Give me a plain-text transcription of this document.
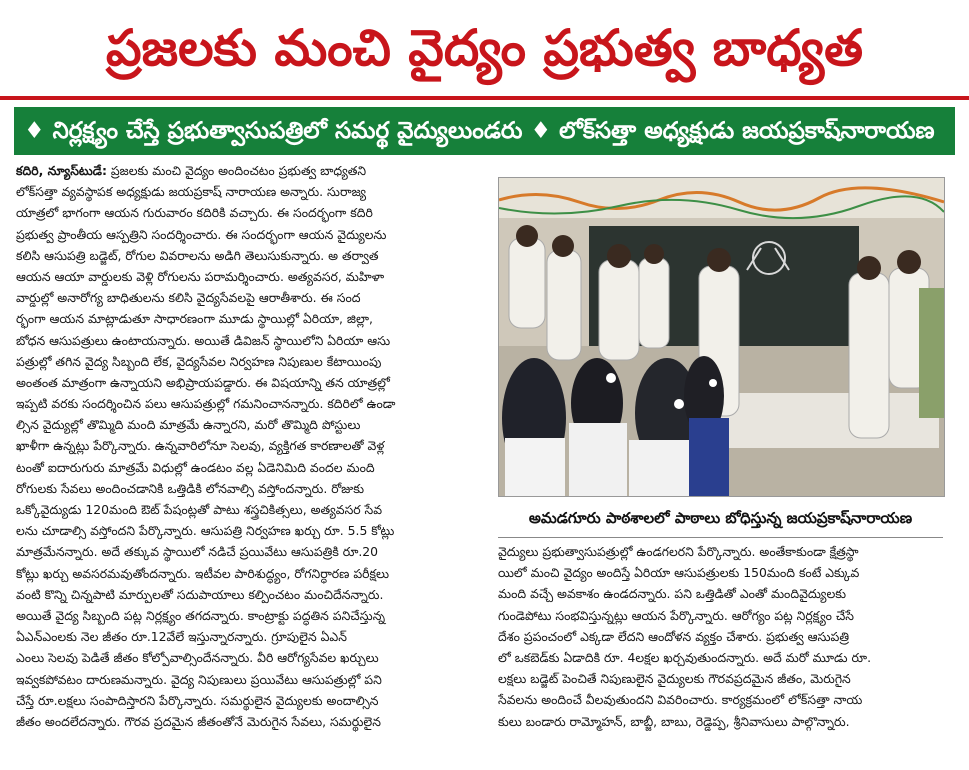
ప్రజలకు మంచి వైద్యం ప్రభుత్వ బాధ్యత
♦ నిర్లక్ష్యం చేస్తే ప్రభుత్వాసుపత్రిలో సమర్థ వైద్యులుండరు ♦ లోక్‌సత్తా అధ్యక్షుడు జయప్రకాష్‌నారాయణ
కదిరి, న్యూస్‌టుడే: ప్రజలకు మంచి వైద్యం అందించటం ప్రభుత్వ బాధ్యతని
లోక్‌సత్తా వ్యవస్థాపక అధ్యక్షుడు జయప్రకాష్ నారాయణ అన్నారు. సురాజ్య
యాత్రలో భాగంగా ఆయన గురువారం కదిరికి వచ్చారు. ఈ సందర్భంగా కదిరి
ప్రభుత్వ ప్రాంతీయ ఆస్పత్రిని సందర్శించారు. ఈ సందర్భంగా ఆయన వైద్యులను
కలిసి ఆసుపత్రి బడ్జెట్, రోగుల వివరాలను అడిగి తెలుసుకున్నారు. అ తర్వాత
ఆయన ఆయా వార్డులకు వెళ్లి రోగులను పరామర్శించారు. అత్యవసర, మహిళా
వార్డుల్లో అనారోగ్య బాధితులను కలిసి వైద్యసేవలపై ఆరాతీశారు. ఈ సంద
ర్భంగా ఆయన మాట్లాడుతూ సాధారణంగా మూడు స్థాయిల్లో ఏరియా, జిల్లా,
బోధన ఆసుపత్రులు ఉంటాయన్నారు. అయితే డివిజన్ స్థాయిలోని ఏరియా ఆసు
పత్రుల్లో తగిన వైద్య సిబ్బంది లేక, వైద్యసేవల నిర్వహణ నిపుణుల కేటాయింపు
అంతంత మాత్రంగా ఉన్నాయని అభిప్రాయపడ్డారు. ఈ విషయాన్ని తన యాత్రల్లో
ఇప్పటి వరకు సందర్శించిన పలు ఆసుపత్రుల్లో గమనించానన్నారు. కదిరిలో ఉండా
ల్సిన వైద్యుల్లో తొమ్మిది మంది మాత్రమే ఉన్నారని, మరో తొమ్మిది పోస్టులు
ఖాళీగా ఉన్నట్లు పేర్కొన్నారు. ఉన్నవారిలోనూ సెలవు, వ్యక్తిగత కారణాలతో వెళ్ల
టంతో ఐదారుగురు మాత్రమే విధుల్లో ఉండటం వల్ల ఏడెనిమిది వందల మంది
రోగులకు సేవలు అందించడానికి ఒత్తిడికి లోనవాల్సి వస్తోందన్నారు. రోజుకు
ఒక్కోవైద్యుడు 120మంది ఔట్ పేషంట్లతో పాటు శస్త్రచికిత్సలు, అత్యవసర సేవ
లను చూడాల్సి వస్తోందని పేర్కొన్నారు. ఆసుపత్రి నిర్వహణ ఖర్చు రూ. 5.5 కోట్లు
మాత్రమేనన్నారు. అదే తక్కువ స్థాయిలో నడిచే ప్రయివేటు ఆసుపత్రికి రూ.20
కోట్లు ఖర్చు అవసరమవుతోందన్నారు. ఇటీవల పారిశుద్ధ్యం, రోగనిర్ధారణ పరీక్షలు
వంటి కొన్ని చిన్నపాటి మార్పులతో సదుపాయాలు కల్పించటం మంచిదేనన్నారు.
అయితే వైద్య సిబ్బంది పట్ల నిర్లక్ష్యం తగదన్నారు. కాంట్రాక్టు పద్ధతిన పనిచేస్తున్న
ఏఎన్ఎంలకు నెల జీతం రూ.12వేలే ఇస్తున్నారన్నారు. గ్రూపులైన ఏఎన్
ఎంలు సెలవు పెడితే జీతం కోల్పోవాల్సిందేనన్నారు. వీరి ఆరోగ్యసేవల ఖర్చులు
ఇవ్వకపోవటం దారుణమన్నారు. వైద్య నిపుణులు ప్రయివేటు ఆసుపత్రుల్లో పని
చేస్తే రూ.లక్షలు సంపాదిస్తారని పేర్కొన్నారు. సమర్థులైన వైద్యులకు అందాల్సిన
జీతం అందలేదన్నారు. గౌరవ ప్రదమైన జీతంతోనే మెరుగైన సేవలు, సమర్థులైన
అమడగూరు పాఠశాలలో పాఠాలు బోధిస్తున్న జయప్రకాష్‌నారాయణ
వైద్యులు ప్రభుత్వాసుపత్రుల్లో ఉండగలరని పేర్కొన్నారు. అంతేకాకుండా క్షేత్రస్థా
యిలో మంచి వైద్యం అందిస్తే ఏరియా ఆసుపత్రులకు 150మంది కంటే ఎక్కువ
మంది వచ్చే అవకాశం ఉండదన్నారు. పని ఒత్తిడితో ఎంతో మందివైద్యులకు
గుండెపోటు సంభవిస్తున్నట్లు ఆయన పేర్కొన్నారు. ఆరోగ్యం పట్ల నిర్లక్ష్యం చేసే
దేశం ప్రపంచంలో ఎక్కడా లేదని ఆందోళన వ్యక్తం చేశారు. ప్రభుత్వ ఆసుపత్రి
లో ఒకబెడ్‌కు ఏడాదికి రూ. 4లక్షల ఖర్చవుతుందన్నారు. అదే మరో మూడు రూ.
లక్షలు బడ్జెట్ పెంచితే నిపుణులైన వైద్యులకు గౌరవప్రదమైన జీతం, మెరుగైన
సేవలను అందించే వీలవుతుందని వివరించారు. కార్యక్రమంలో లోక్‌సత్తా నాయ
కులు బండారు రామ్మోహన్, బాబ్జీ, బాబు, రెడ్డెప్ప, శ్రీనివాసులు పాల్గొన్నారు.
